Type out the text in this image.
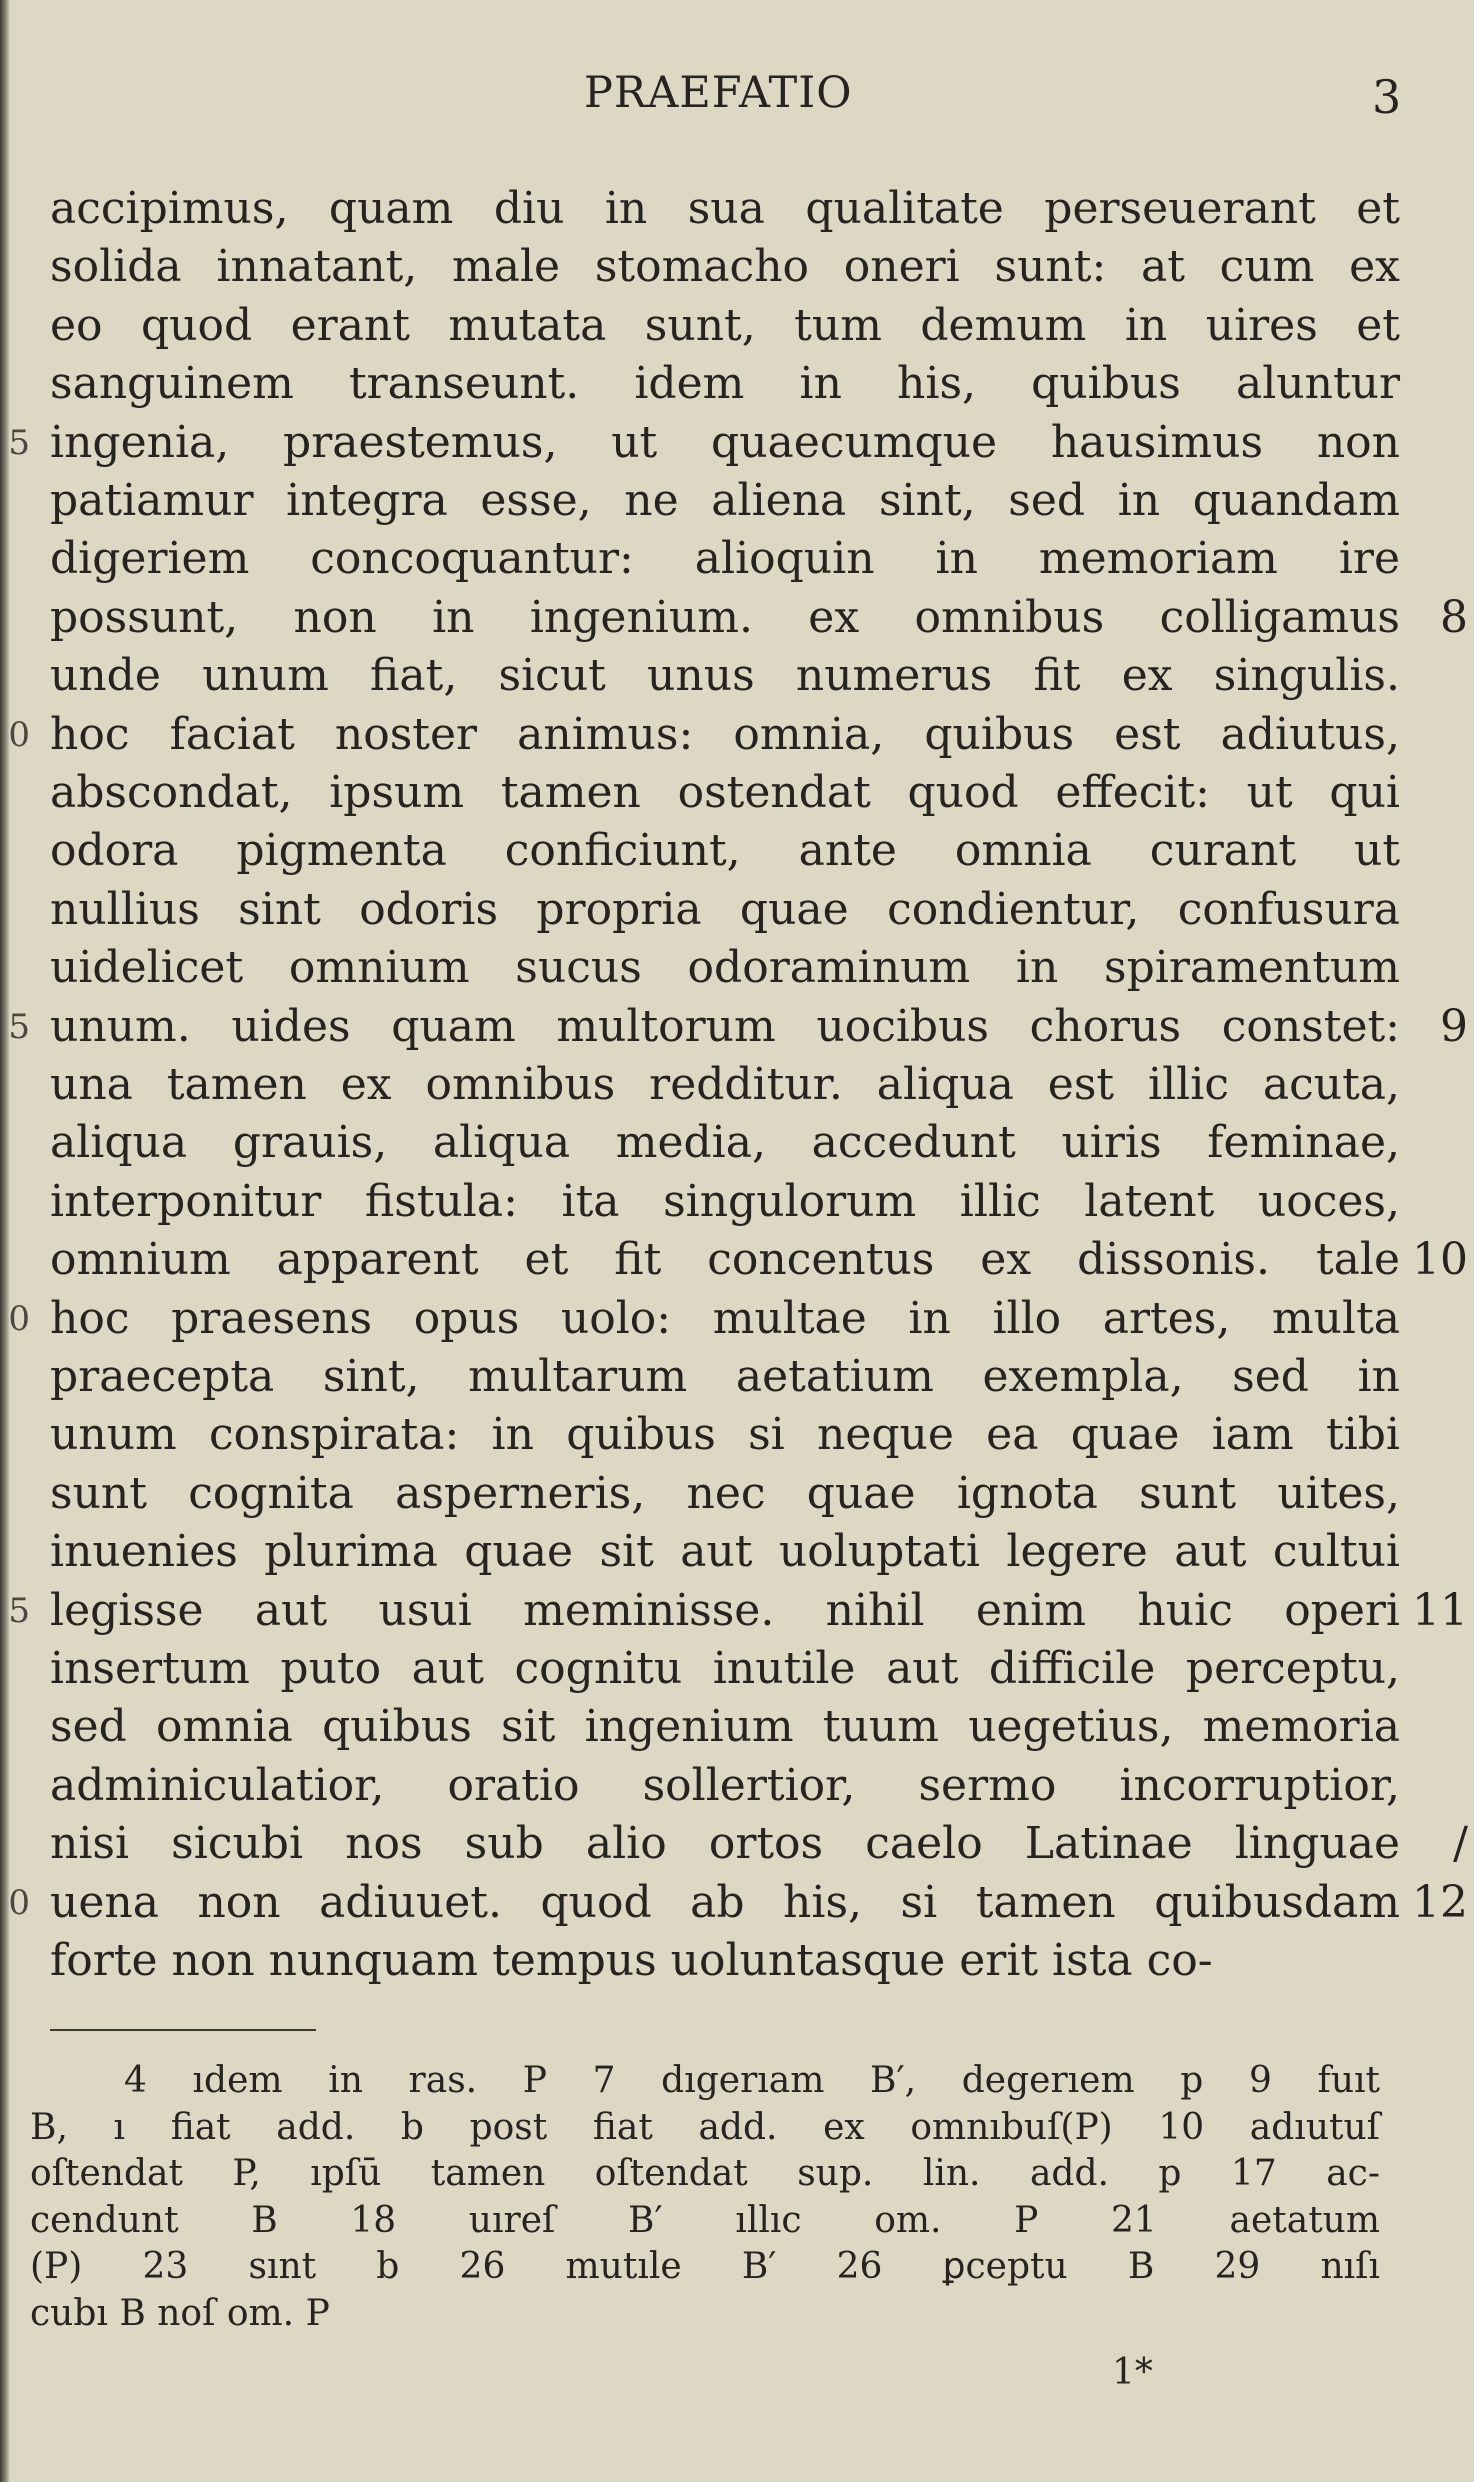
PRAEFATIO	3
accipimus, quam diu in sua qualitate perseuerant et
solida innatant, male stomacho oneri sunt: at cum ex
eo quod erant mutata sunt, tum demum in uires et
sanguinem transeunt. idem in his, quibus aluntur
5 ingenia, praestemus, ut quaecumque hausimus non
patiamur integra esse, ne aliena sint, sed in quandam
digeriem concoquantur: alioquin in memoriam ire
possunt, non in ingenium. ex omnibus colligamus 8
unde unum fiat, sicut unus numerus fit ex singulis.
0 hoc faciat noster animus: omnia, quibus est adiutus,
abscondat, ipsum tamen ostendat quod effecit: ut qui
odora pigmenta conficiunt, ante omnia curant ut
nullius sint odoris propria quae condientur, confusura
uidelicet omnium sucus odoraminum in spiramentum
5 unum. uides quam multorum uocibus chorus constet: 9
una tamen ex omnibus redditur. aliqua est illic acuta,
aliqua grauis, aliqua media, accedunt uiris feminae,
interponitur fistula: ita singulorum illic latent uoces,
omnium apparent et fit concentus ex dissonis. tale 10
0 hoc praesens opus uolo: multae in illo artes, multa
praecepta sint, multarum aetatium exempla, sed in
unum conspirata: in quibus si neque ea quae iam tibi
sunt cognita asperneris, nec quae ignota sunt uites,
inuenies plurima quae sit aut uoluptati legere aut cultui
5 legisse aut usui meminisse. nihil enim huic operi 11
insertum puto aut cognitu inutile aut difficile perceptu,
sed omnia quibus sit ingenium tuum uegetius, memoria
adminiculatior, oratio sollertior, sermo incorruptior,
nisi sicubi nos sub alio ortos caelo Latinae linguae	/
0 uena non adiuuet. quod ab his, si tamen quibusdam 12
forte non nunquam tempus uoluntasque erit ista co-
4 ıdem in ras. P 7 dıgerıam B′, degerıem p 9 fuıt
B, ı fiat add. b post fiat add. ex omnıbuſ(P) 10 adıutuſ
oſtendat P, ıpſū tamen oſtendat sup. lin. add. p 17 ac-
cendunt B 18 uıreſ B′ ıllıc om. P 21 aetatum
(P) 23 sınt b 26 mutıle B′ 26 ꝑceptu B 29 nıſı
cubı B noſ om. P
1*
